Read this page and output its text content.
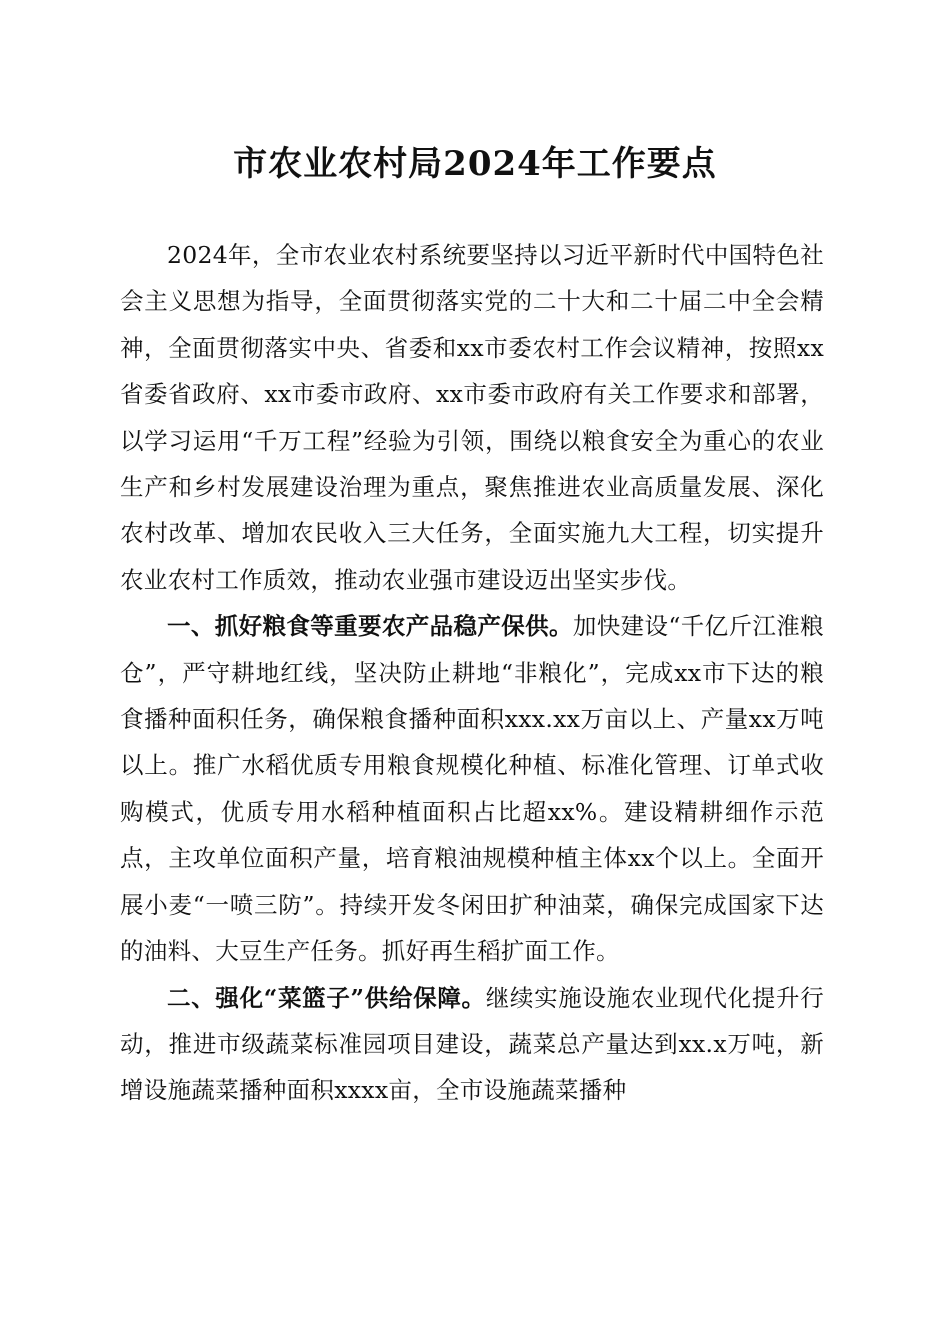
市农业农村局2024年工作要点

2024年，全市农业农村系统要坚持以习近平新时代中国特色社会主义思想为指导，全面贯彻落实党的二十大和二十届二中全会精神，全面贯彻落实中央、省委和xx市委农村工作会议精神，按照xx省委省政府、xx市委市政府、xx市委市政府有关工作要求和部署，以学习运用“千万工程”经验为引领，围绕以粮食安全为重心的农业生产和乡村发展建设治理为重点，聚焦推进农业高质量发展、深化农村改革、增加农民收入三大任务，全面实施九大工程，切实提升农业农村工作质效，推动农业强市建设迈出坚实步伐。

一、抓好粮食等重要农产品稳产保供。加快建设“千亿斤江淮粮仓”，严守耕地红线，坚决防止耕地“非粮化”，完成xx市下达的粮食播种面积任务，确保粮食播种面积xxx.xx万亩以上、产量xx万吨以上。推广水稻优质专用粮食规模化种植、标准化管理、订单式收购模式，优质专用水稻种植面积占比超xx%。建设精耕细作示范点，主攻单位面积产量，培育粮油规模种植主体xx个以上。全面开展小麦“一喷三防”。持续开发冬闲田扩种油菜，确保完成国家下达的油料、大豆生产任务。抓好再生稻扩面工作。

二、强化“菜篮子”供给保障。继续实施设施农业现代化提升行动，推进市级蔬菜标准园项目建设，蔬菜总产量达到xx.x万吨，新增设施蔬菜播种面积xxxx亩，全市设施蔬菜播种
